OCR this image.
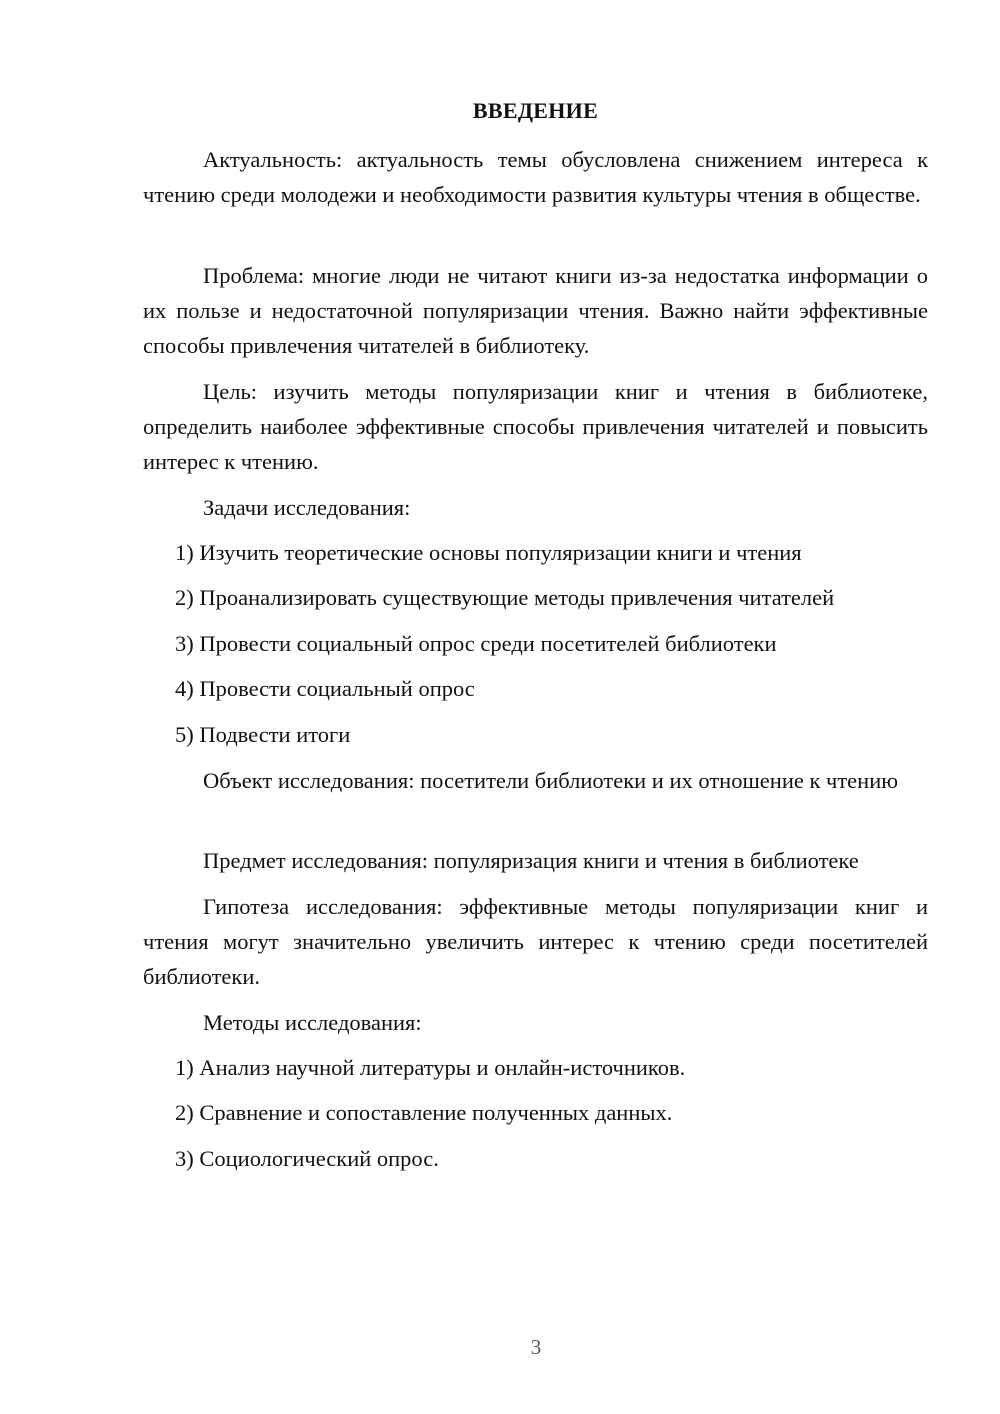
ВВЕДЕНИЕ

Актуальность: актуальность темы обусловлена снижением интереса к чтению среди молодежи и необходимости развития культуры чтения в обществе.

Проблема: многие люди не читают книги из-за недостатка информации о их пользе и недостаточной популяризации чтения. Важно найти эффективные способы привлечения читателей в библиотеку.

Цель: изучить методы популяризации книг и чтения в библиотеке, определить наиболее эффективные способы привлечения читателей и повысить интерес к чтению.

Задачи исследования:

1) Изучить теоретические основы популяризации книги и чтения

2) Проанализировать существующие методы привлечения читателей

3) Провести социальный опрос среди посетителей библиотеки

4) Провести социальный опрос

5) Подвести итоги

Объект исследования: посетители библиотеки и их отношение к чтению

Предмет исследования: популяризация книги и чтения в библиотеке

Гипотеза исследования: эффективные методы популяризации книг и чтения могут значительно увеличить интерес к чтению среди посетителей библиотеки.

Методы исследования:

1) Анализ научной литературы и онлайн-источников.

2) Сравнение и сопоставление полученных данных.

3) Социологический опрос.

3
